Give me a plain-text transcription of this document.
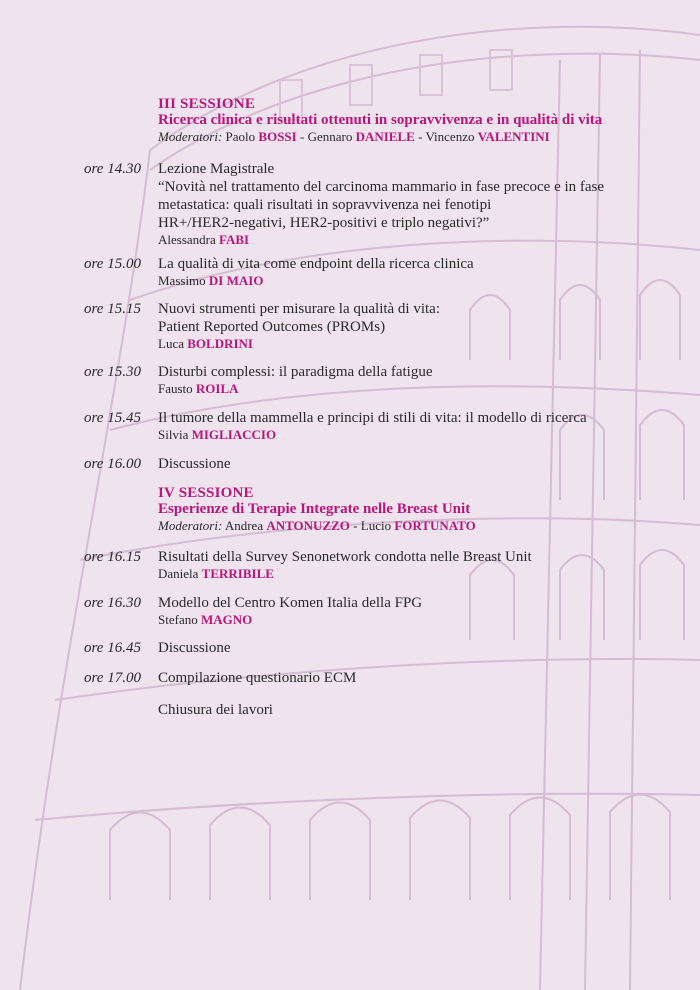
III SESSIONE
Ricerca clinica e risultati ottenuti in sopravvivenza e in qualità di vita
Moderatori: Paolo BOSSI - Gennaro DANIELE - Vincenzo VALENTINI
ore 14.30 Lezione Magistrale
“Novità nel trattamento del carcinoma mammario in fase precoce e in fase
metastatica: quali risultati in sopravvivenza nei fenotipi
HR+/HER2-negativi, HER2-positivi e triplo negativi?”
Alessandra FABI
ore 15.00 La qualità di vita come endpoint della ricerca clinica
Massimo DI MAIO
ore 15.15 Nuovi strumenti per misurare la qualità di vita:
Patient Reported Outcomes (PROMs)
Luca BOLDRINI
ore 15.30 Disturbi complessi: il paradigma della fatigue
Fausto ROILA
ore 15.45 Il tumore della mammella e principi di stili di vita: il modello di ricerca
Silvia MIGLIACCIO
ore 16.00 Discussione
IV SESSIONE
Esperienze di Terapie Integrate nelle Breast Unit
Moderatori: Andrea ANTONUZZO - Lucio FORTUNATO
ore 16.15 Risultati della Survey Senonetwork condotta nelle Breast Unit
Daniela TERRIBILE
ore 16.30 Modello del Centro Komen Italia della FPG
Stefano MAGNO
ore 16.45 Discussione
ore 17.00 Compilazione questionario ECM
Chiusura dei lavori
